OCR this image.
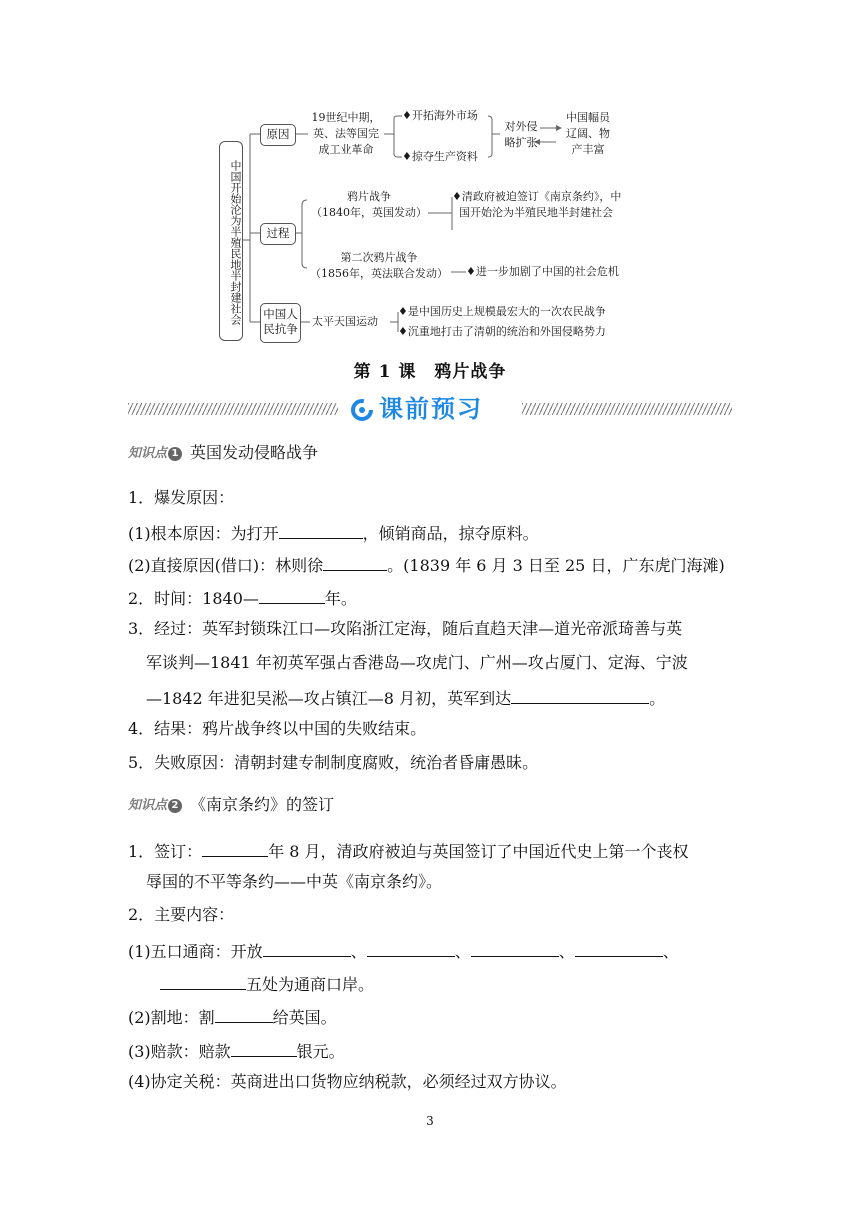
中国开始沦为半殖民地半封建社会
原因
19世纪中期，
英、法等国完
成工业革命
♦开拓海外市场
♦掠夺生产资料
对外侵
略扩张
中国幅员
辽阔、物
产丰富
过程
鸦片战争
（1840年，英国发动）
♦清政府被迫签订《南京条约》，中
国开始沦为半殖民地半封建社会
第二次鸦片战争
（1856年，英法联合发动） ♦进一步加剧了中国的社会危机
中国人
民抗争
太平天国运动
♦是中国历史上规模最宏大的一次农民战争
♦沉重地打击了清朝的统治和外国侵略势力
第 1 课　鸦片战争
课前预习
知识点 1 英国发动侵略战争
1．爆发原因：
(1)根本原因：为打开	，倾销商品，掠夺原料。
(2)直接原因(借口)：林则徐	。(1839 年 6 月 3 日至 25 日，广东虎门海滩)
2．时间：1840—	年。
3．经过：英军封锁珠江口—攻陷浙江定海，随后直趋天津—道光帝派琦善与英
军谈判—1841 年初英军强占香港岛—攻虎门、广州—攻占厦门、定海、宁波
—1842 年进犯吴淞—攻占镇江—8 月初，英军到达	。
4．结果：鸦片战争终以中国的失败结束。
5．失败原因：清朝封建专制制度腐败，统治者昏庸愚昧。
知识点 2 《南京条约》的签订
1．签订：	年 8 月，清政府被迫与英国签订了中国近代史上第一个丧权
辱国的不平等条约——中英《南京条约》。
2．主要内容：
(1)五口通商：开放	、	、	、	、
五处为通商口岸。
(2)割地：割	给英国。
(3)赔款：赔款	银元。
(4)协定关税：英商进出口货物应纳税款，必须经过双方协议。
3
